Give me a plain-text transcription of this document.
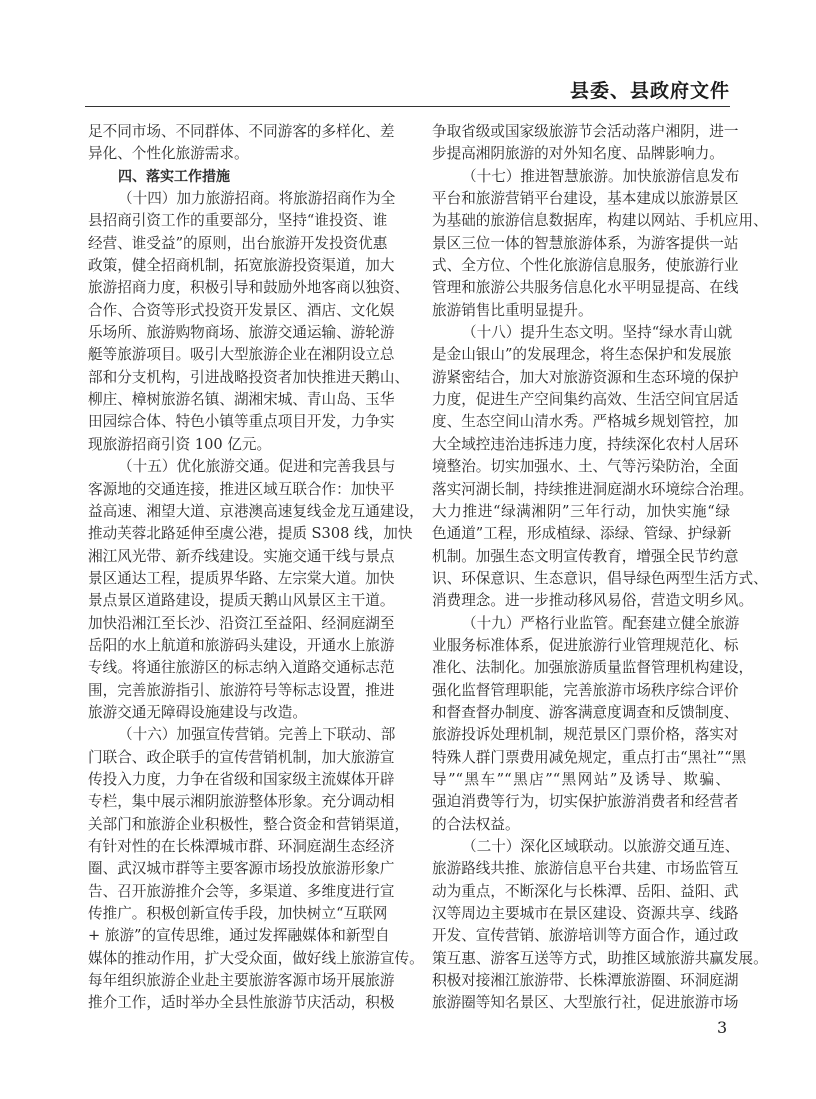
县委、县政府文件
足不同市场、不同群体、不同游客的多样化、差
异化、个性化旅游需求。
四、落实工作措施
（十四）加力旅游招商。将旅游招商作为全
县招商引资工作的重要部分，坚持“谁投资、谁
经营、谁受益”的原则，出台旅游开发投资优惠
政策，健全招商机制，拓宽旅游投资渠道，加大
旅游招商力度，积极引导和鼓励外地客商以独资、
合作、合资等形式投资开发景区、酒店、文化娱
乐场所、旅游购物商场、旅游交通运输、游轮游
艇等旅游项目。吸引大型旅游企业在湘阴设立总
部和分支机构，引进战略投资者加快推进天鹅山、
柳庄、樟树旅游名镇、湖湘宋城、青山岛、玉华
田园综合体、特色小镇等重点项目开发，力争实
现旅游招商引资 100 亿元。
（十五）优化旅游交通。促进和完善我县与
客源地的交通连接，推进区域互联合作：加快平
益高速、湘望大道、京港澳高速复线金龙互通建设，
推动芙蓉北路延伸至虞公港，提质 S308 线，加快
湘江风光带、新乔线建设。实施交通干线与景点
景区通达工程，提质界华路、左宗棠大道。加快
景点景区道路建设，提质天鹅山风景区主干道。
加快沿湘江至长沙、沿资江至益阳、经洞庭湖至
岳阳的水上航道和旅游码头建设，开通水上旅游
专线。将通往旅游区的标志纳入道路交通标志范
围，完善旅游指引、旅游符号等标志设置，推进
旅游交通无障碍设施建设与改造。
（十六）加强宣传营销。完善上下联动、部
门联合、政企联手的宣传营销机制，加大旅游宣
传投入力度，力争在省级和国家级主流媒体开辟
专栏，集中展示湘阴旅游整体形象。充分调动相
关部门和旅游企业积极性，整合资金和营销渠道，
有针对性的在长株潭城市群、环洞庭湖生态经济
圈、武汉城市群等主要客源市场投放旅游形象广
告、召开旅游推介会等，多渠道、多维度进行宣
传推广。积极创新宣传手段，加快树立“互联网
+ 旅游”的宣传思维，通过发挥融媒体和新型自
媒体的推动作用，扩大受众面，做好线上旅游宣传。
每年组织旅游企业赴主要旅游客源市场开展旅游
推介工作，适时举办全县性旅游节庆活动，积极
争取省级或国家级旅游节会活动落户湘阴，进一
步提高湘阴旅游的对外知名度、品牌影响力。
（十七）推进智慧旅游。加快旅游信息发布
平台和旅游营销平台建设，基本建成以旅游景区
为基础的旅游信息数据库，构建以网站、手机应用、
景区三位一体的智慧旅游体系，为游客提供一站
式、全方位、个性化旅游信息服务，使旅游行业
管理和旅游公共服务信息化水平明显提高、在线
旅游销售比重明显提升。
（十八）提升生态文明。坚持“绿水青山就
是金山银山”的发展理念，将生态保护和发展旅
游紧密结合，加大对旅游资源和生态环境的保护
力度，促进生产空间集约高效、生活空间宜居适
度、生态空间山清水秀。严格城乡规划管控，加
大全域控违治违拆违力度，持续深化农村人居环
境整治。切实加强水、土、气等污染防治，全面
落实河湖长制，持续推进洞庭湖水环境综合治理。
大力推进“绿满湘阴”三年行动，加快实施“绿
色通道”工程，形成植绿、添绿、管绿、护绿新
机制。加强生态文明宣传教育，增强全民节约意
识、环保意识、生态意识，倡导绿色两型生活方式、
消费理念。进一步推动移风易俗，营造文明乡风。
（十九）严格行业监管。配套建立健全旅游
业服务标准体系，促进旅游行业管理规范化、标
准化、法制化。加强旅游质量监督管理机构建设，
强化监督管理职能，完善旅游市场秩序综合评价
和督查督办制度、游客满意度调查和反馈制度、
旅游投诉处理机制，规范景区门票价格，落实对
特殊人群门票费用减免规定，重点打击“黑社”“黑
导”“黑车”“黑店”“黑网站”及诱导、欺骗、
强迫消费等行为，切实保护旅游消费者和经营者
的合法权益。
（二十）深化区域联动。以旅游交通互连、
旅游路线共推、旅游信息平台共建、市场监管互
动为重点，不断深化与长株潭、岳阳、益阳、武
汉等周边主要城市在景区建设、资源共享、线路
开发、宣传营销、旅游培训等方面合作，通过政
策互惠、游客互送等方式，助推区域旅游共赢发展。
积极对接湘江旅游带、长株潭旅游圈、环洞庭湖
旅游圈等知名景区、大型旅行社，促进旅游市场
3
